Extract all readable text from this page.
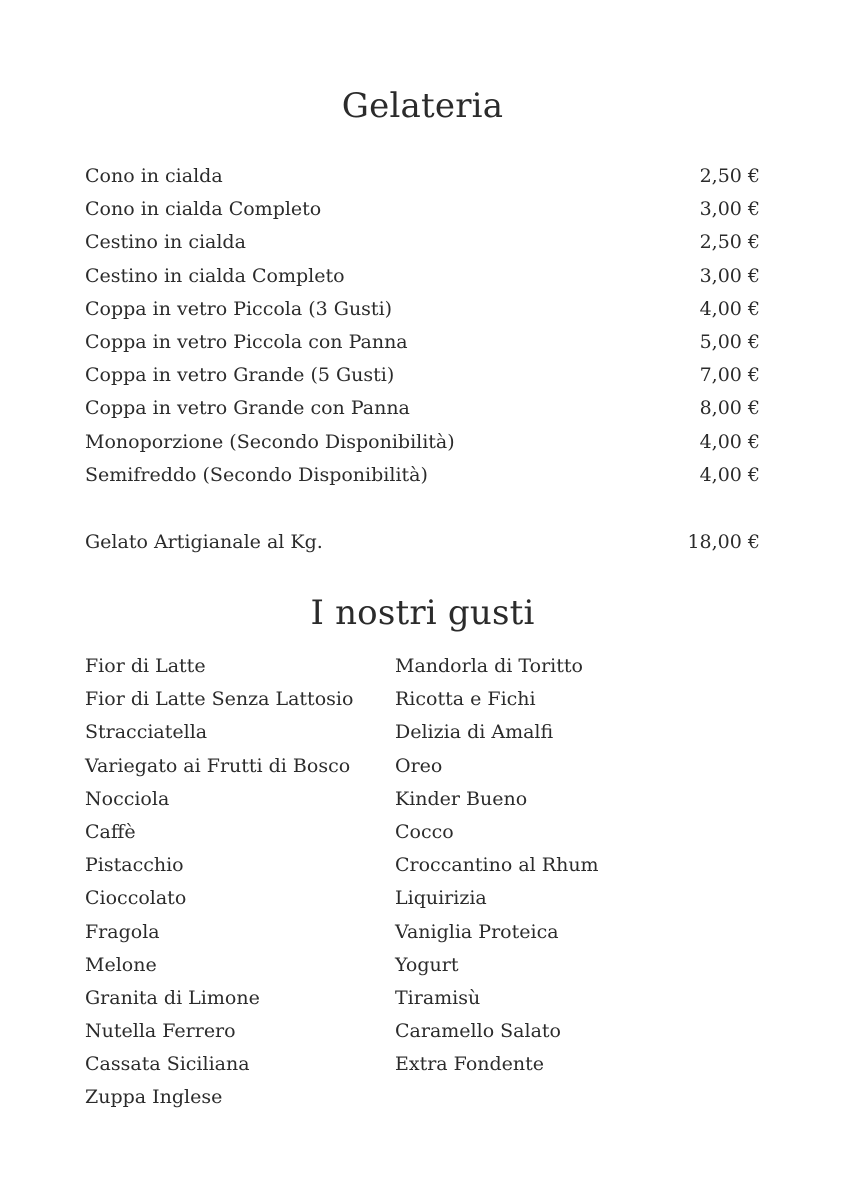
Gelateria
Cono in cialda	2,50 €
Cono in cialda Completo	3,00 €
Cestino in cialda	2,50 €
Cestino in cialda Completo	3,00 €
Coppa in vetro Piccola (3 Gusti)	4,00 €
Coppa in vetro Piccola con Panna	5,00 €
Coppa in vetro Grande (5 Gusti)	7,00 €
Coppa in vetro Grande con Panna	8,00 €
Monoporzione (Secondo Disponibilità)	4,00 €
Semifreddo (Secondo Disponibilità)	4,00 €
Gelato Artigianale al Kg.	18,00 €
I nostri gusti
Fior di Latte
Fior di Latte Senza Lattosio
Stracciatella
Variegato ai Frutti di Bosco
Nocciola
Caffè
Pistacchio
Cioccolato
Fragola
Melone
Granita di Limone
Nutella Ferrero
Cassata Siciliana
Zuppa Inglese
Mandorla di Toritto
Ricotta e Fichi
Delizia di Amalfi
Oreo
Kinder Bueno
Cocco
Croccantino al Rhum
Liquirizia
Vaniglia Proteica
Yogurt
Tiramisù
Caramello Salato
Extra Fondente
